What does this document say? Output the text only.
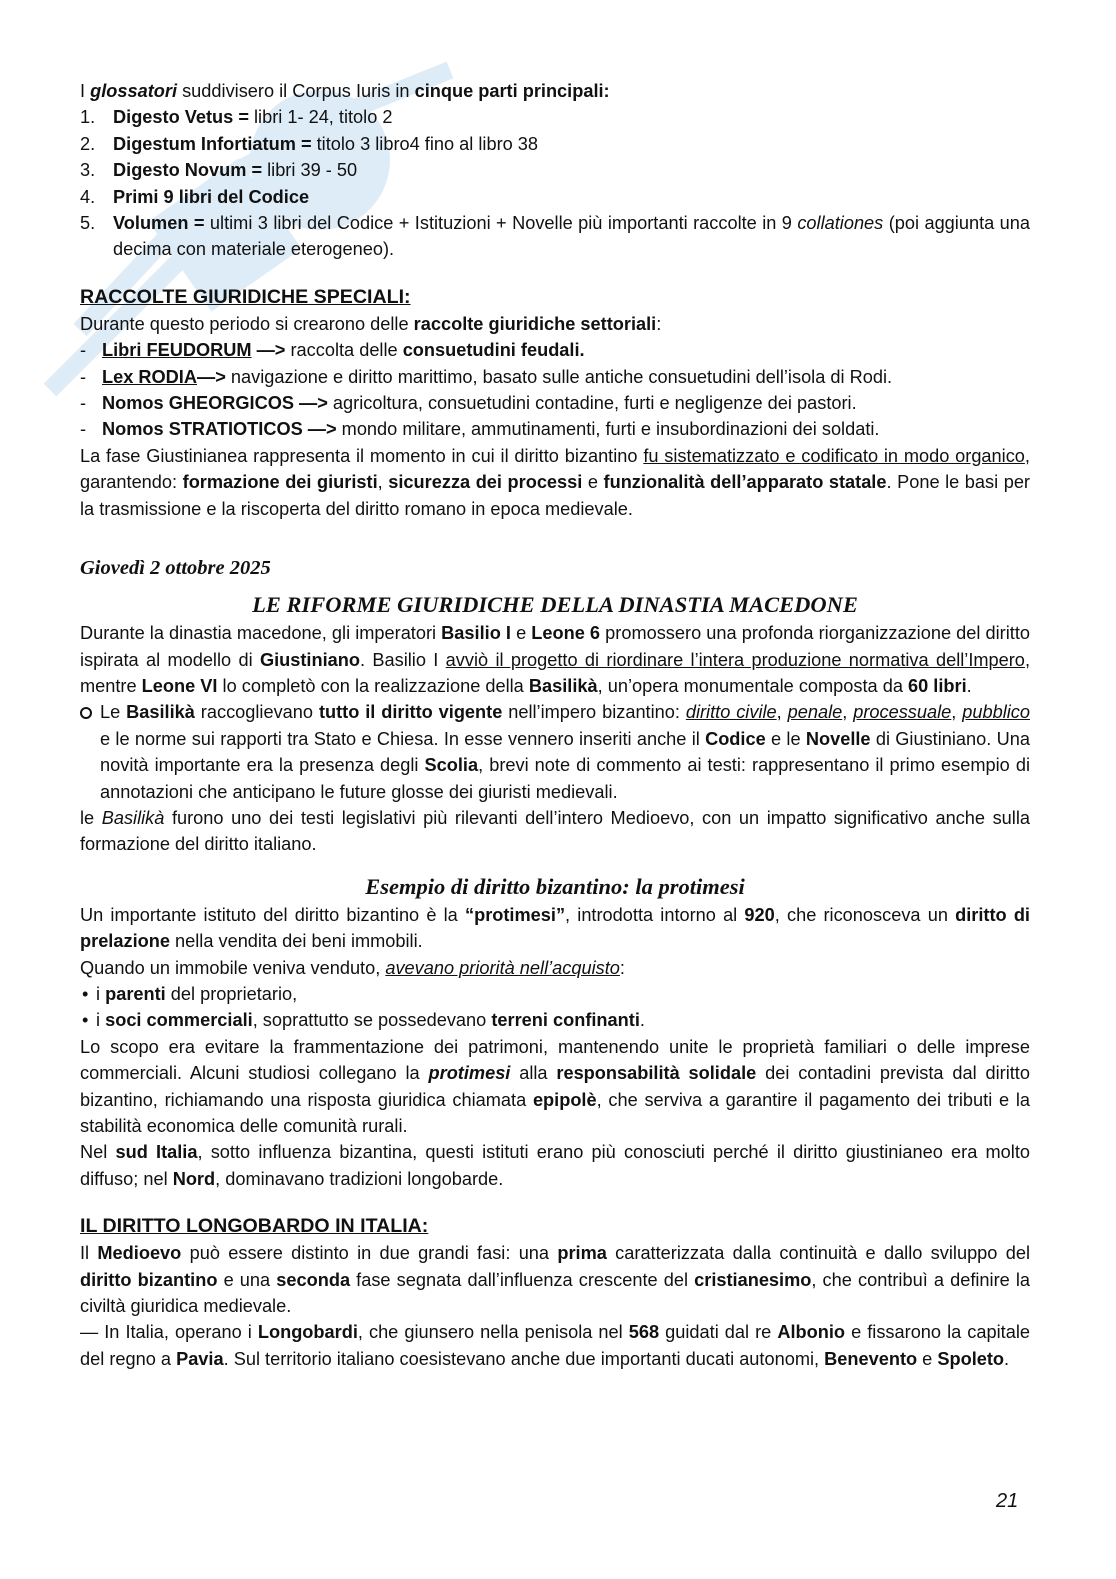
I glossatori suddivisero il Corpus Iuris in cinque parti principali:

1. Digesto Vetus = libri 1- 24, titolo 2
2. Digestum Infortiatum = titolo 3 libro4 fino al libro 38
3. Digesto Novum = libri 39 - 50
4. Primi 9 libri del Codice
5. Volumen = ultimi 3 libri del Codice + Istituzioni + Novelle più importanti raccolte in 9 collationes (poi aggiunta una decima con materiale eterogeneo).

RACCOLTE GIURIDICHE SPECIALI:

Durante questo periodo si crearono delle raccolte giuridiche settoriali:

- Libri FEUDORUM —> raccolta delle consuetudini feudali.
- Lex RODIA—> navigazione e diritto marittimo, basato sulle antiche consuetudini dell’isola di Rodi.
- Nomos GHEORGICOS —> agricoltura, consuetudini contadine, furti e negligenze dei pastori.
- Nomos STRATIOTICOS —> mondo militare, ammutinamenti, furti e insubordinazioni dei soldati.

La fase Giustinianea rappresenta il momento in cui il diritto bizantino fu sistematizzato e codificato in modo organico, garantendo: formazione dei giuristi, sicurezza dei processi e funzionalità dell’apparato statale. Pone le basi per la trasmissione e la riscoperta del diritto romano in epoca medievale.

Giovedì 2 ottobre 2025

LE RIFORME GIURIDICHE DELLA DINASTIA MACEDONE

Durante la dinastia macedone, gli imperatori Basilio I e Leone 6 promossero una profonda riorganizzazione del diritto ispirata al modello di Giustiniano. Basilio I avviò il progetto di riordinare l’intera produzione normativa dell’Impero, mentre Leone VI lo completò con la realizzazione della Basilikà, un’opera monumentale composta da 60 libri.

Le Basilikà raccoglievano tutto il diritto vigente nell’impero bizantino: diritto civile, penale, processuale, pubblico e le norme sui rapporti tra Stato e Chiesa. In esse vennero inseriti anche il Codice e le Novelle di Giustiniano. Una novità importante era la presenza degli Scolia, brevi note di commento ai testi: rappresentano il primo esempio di annotazioni che anticipano le future glosse dei giuristi medievali.

le Basilikà furono uno dei testi legislativi più rilevanti dell’intero Medioevo, con un impatto significativo anche sulla formazione del diritto italiano.

Esempio di diritto bizantino: la protimesi

Un importante istituto del diritto bizantino è la “protimesi”, introdotta intorno al 920, che riconosceva un diritto di prelazione nella vendita dei beni immobili.

Quando un immobile veniva venduto, avevano priorità nell’acquisto:

• i parenti del proprietario,
• i soci commerciali, soprattutto se possedevano terreni confinanti.

Lo scopo era evitare la frammentazione dei patrimoni, mantenendo unite le proprietà familiari o delle imprese commerciali. Alcuni studiosi collegano la protimesi alla responsabilità solidale dei contadini prevista dal diritto bizantino, richiamando una risposta giuridica chiamata epipolè, che serviva a garantire il pagamento dei tributi e la stabilità economica delle comunità rurali.

Nel sud Italia, sotto influenza bizantina, questi istituti erano più conosciuti perché il diritto giustinianeo era molto diffuso; nel Nord, dominavano tradizioni longobarde.

IL DIRITTO LONGOBARDO IN ITALIA:

Il Medioevo può essere distinto in due grandi fasi: una prima caratterizzata dalla continuità e dallo sviluppo del diritto bizantino e una seconda fase segnata dall’influenza crescente del cristianesimo, che contribuì a definire la civiltà giuridica medievale.

— In Italia, operano i Longobardi, che giunsero nella penisola nel 568 guidati dal re Albonio e fissarono la capitale del regno a Pavia. Sul territorio italiano coesistevano anche due importanti ducati autonomi, Benevento e Spoleto.

21
